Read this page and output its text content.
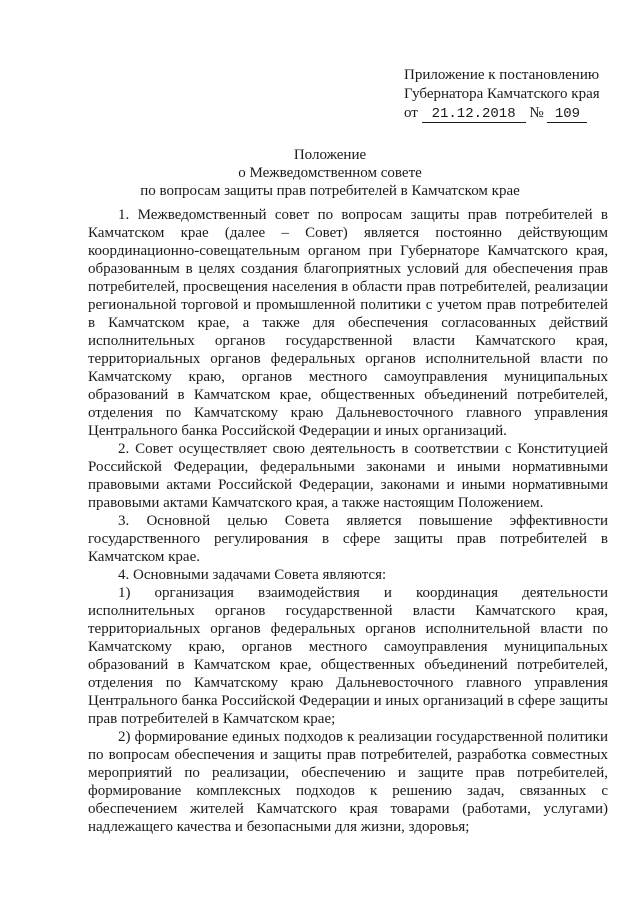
Приложение к постановлению
Губернатора Камчатского края
от 21.12.2018 № 109
Положение
о Межведомственном совете
по вопросам защиты прав потребителей в Камчатском крае

1. Межведомственный совет по вопросам защиты прав потребителей в Камчатском крае (далее – Совет) является постоянно действующим координационно-совещательным органом при Губернаторе Камчатского края, образованным в целях создания благоприятных условий для обеспечения прав потребителей, просвещения населения в области прав потребителей, реализации региональной торговой и промышленной политики с учетом прав потребителей в Камчатском крае, а также для обеспечения согласованных действий исполнительных органов государственной власти Камчатского края, территориальных органов федеральных органов исполнительной власти по Камчатскому краю, органов местного самоуправления муниципальных образований в Камчатском крае, общественных объединений потребителей, отделения по Камчатскому краю Дальневосточного главного управления Центрального банка Российской Федерации и иных организаций.

2. Совет осуществляет свою деятельность в соответствии с Конституцией Российской Федерации, федеральными законами и иными нормативными правовыми актами Российской Федерации, законами и иными нормативными правовыми актами Камчатского края, а также настоящим Положением.

3. Основной целью Совета является повышение эффективности государственного регулирования в сфере защиты прав потребителей в Камчатском крае.

4. Основными задачами Совета являются:

1) организация взаимодействия и координация деятельности исполнительных органов государственной власти Камчатского края, территориальных органов федеральных органов исполнительной власти по Камчатскому краю, органов местного самоуправления муниципальных образований в Камчатском крае, общественных объединений потребителей, отделения по Камчатскому краю Дальневосточного главного управления Центрального банка Российской Федерации и иных организаций в сфере защиты прав потребителей в Камчатском крае;

2) формирование единых подходов к реализации государственной политики по вопросам обеспечения и защиты прав потребителей, разработка совместных мероприятий по реализации, обеспечению и защите прав потребителей, формирование комплексных подходов к решению задач, связанных с обеспечением жителей Камчатского края товарами (работами, услугами) надлежащего качества и безопасными для жизни, здоровья;
